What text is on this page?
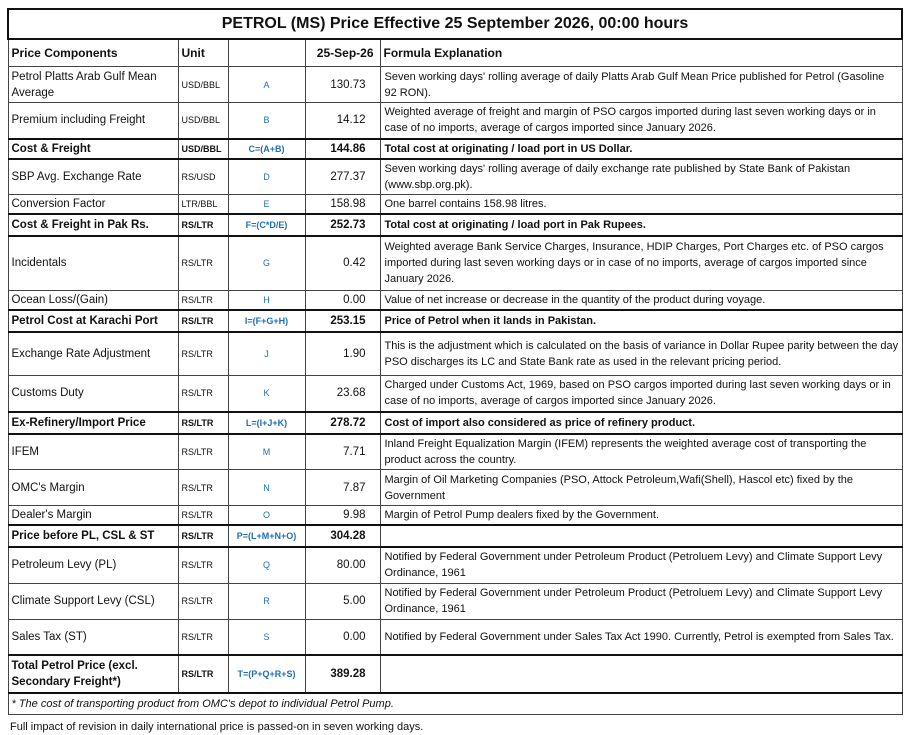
PETROL (MS) Price Effective 25 September 2026, 00:00 hours				
Price Components	Unit		25-Sep-26	Formula Explanation
Petrol Platts Arab Gulf Mean Average	USD/BBL	A	130.73	Seven working days' rolling average of daily Platts Arab Gulf Mean Price published for Petrol (Gasoline 92 RON).
Premium including Freight	USD/BBL	B	14.12	Weighted average of freight and margin of PSO cargos imported during last seven working days or in case of no imports, average of cargos imported since January 2026.
Cost & Freight	USD/BBL	C=(A+B)	144.86	Total cost at originating / load port in US Dollar.
SBP Avg. Exchange Rate	RS/USD	D	277.37	Seven working days' rolling average of daily exchange rate published by State Bank of Pakistan (www.sbp.org.pk).
Conversion Factor	LTR/BBL	E	158.98	One barrel contains 158.98 litres.
Cost & Freight in Pak Rs.	RS/LTR	F=(C*D/E)	252.73	Total cost at originating / load port in Pak Rupees.
Incidentals	RS/LTR	G	0.42	Weighted average Bank Service Charges, Insurance, HDIP Charges, Port Charges etc. of PSO cargos imported during last seven working days or in case of no imports, average of cargos imported since January 2026.
Ocean Loss/(Gain)	RS/LTR	H	0.00	Value of net increase or decrease in the quantity of the product during voyage.
Petrol Cost at Karachi Port	RS/LTR	I=(F+G+H)	253.15	Price of Petrol when it lands in Pakistan.
Exchange Rate Adjustment	RS/LTR	J	1.90	This is the adjustment which is calculated on the basis of variance in Dollar Rupee parity between the day PSO discharges its LC and State Bank rate as used in the relevant pricing period.
Customs Duty	RS/LTR	K	23.68	Charged under Customs Act, 1969, based on PSO cargos imported during last seven working days or in case of no imports, average of cargos imported since January 2026.
Ex-Refinery/Import Price	RS/LTR	L=(I+J+K)	278.72	Cost of import also considered as price of refinery product.
IFEM	RS/LTR	M	7.71	Inland Freight Equalization Margin (IFEM) represents the weighted average cost of transporting the product across the country.
OMC's Margin	RS/LTR	N	7.87	Margin of Oil Marketing Companies (PSO, Attock Petroleum,Wafi(Shell), Hascol etc) fixed by the Government
Dealer's Margin	RS/LTR	O	9.98	Margin of Petrol Pump dealers fixed by the Government.
Price before PL, CSL & ST	RS/LTR	P=(L+M+N+O)	304.28	
Petroleum Levy (PL)	RS/LTR	Q	80.00	Notified by Federal Government under Petroleum Product (Petroluem Levy) and Climate Support Levy Ordinance, 1961
Climate Support Levy (CSL)	RS/LTR	R	5.00	Notified by Federal Government under Petroleum Product (Petroluem Levy) and Climate Support Levy Ordinance, 1961
Sales Tax (ST)	RS/LTR	S	0.00	Notified by Federal Government under Sales Tax Act 1990. Currently, Petrol is exempted from Sales Tax.
Total Petrol Price (excl. Secondary Freight*)	RS/LTR	T=(P+Q+R+S)	389.28	
* The cost of transporting product from OMC's depot to individual Petrol Pump.				
Full impact of revision in daily international price is passed-on in seven working days.
